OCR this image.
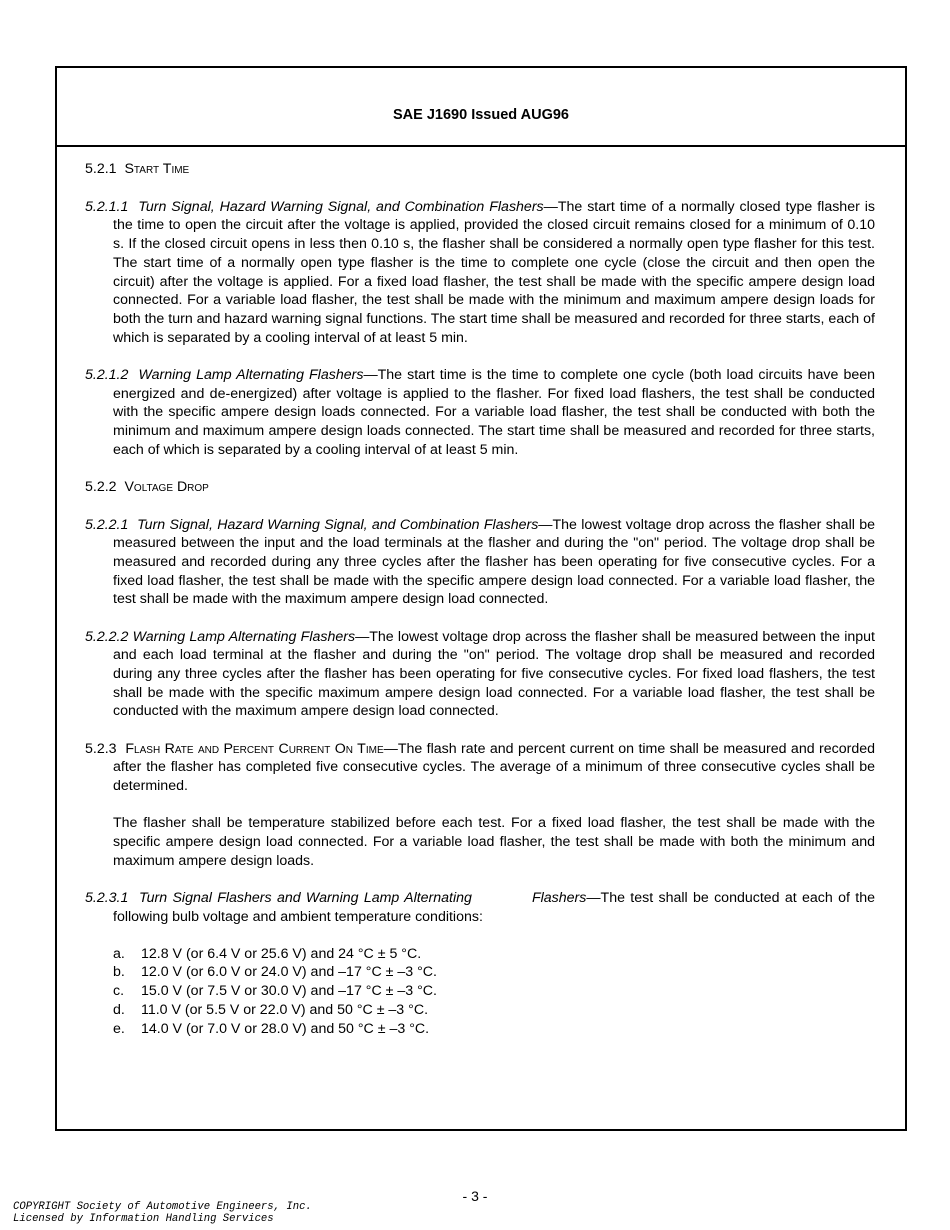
SAE J1690 Issued AUG96

5.2.1 Start Time

5.2.1.1 Turn Signal, Hazard Warning Signal, and Combination Flashers—The start time of a normally closed type flasher is the time to open the circuit after the voltage is applied, provided the closed circuit remains closed for a minimum of 0.10 s. If the closed circuit opens in less then 0.10 s, the flasher shall be considered a normally open type flasher for this test. The start time of a normally open type flasher is the time to complete one cycle (close the circuit and then open the circuit) after the voltage is applied. For a fixed load flasher, the test shall be made with the specific ampere design load connected. For a variable load flasher, the test shall be made with the minimum and maximum ampere design loads for both the turn and hazard warning signal functions. The start time shall be measured and recorded for three starts, each of which is separated by a cooling interval of at least 5 min.

5.2.1.2 Warning Lamp Alternating Flashers—The start time is the time to complete one cycle (both load circuits have been energized and de-energized) after voltage is applied to the flasher. For fixed load flashers, the test shall be conducted with the specific ampere design loads connected. For a variable load flasher, the test shall be conducted with both the minimum and maximum ampere design loads connected. The start time shall be measured and recorded for three starts, each of which is separated by a cooling interval of at least 5 min.

5.2.2 Voltage Drop

5.2.2.1 Turn Signal, Hazard Warning Signal, and Combination Flashers—The lowest voltage drop across the flasher shall be measured between the input and the load terminals at the flasher and during the "on" period. The voltage drop shall be measured and recorded during any three cycles after the flasher has been operating for five consecutive cycles. For a fixed load flasher, the test shall be made with the specific ampere design load connected. For a variable load flasher, the test shall be made with the maximum ampere design load connected.

5.2.2.2 Warning Lamp Alternating Flashers—The lowest voltage drop across the flasher shall be measured between the input and each load terminal at the flasher and during the "on" period. The voltage drop shall be measured and recorded during any three cycles after the flasher has been operating for five consecutive cycles. For fixed load flashers, the test shall be made with the specific maximum ampere design load connected. For a variable load flasher, the test shall be conducted with the maximum ampere design load connected.

5.2.3 Flash Rate and Percent Current On Time—The flash rate and percent current on time shall be measured and recorded after the flasher has completed five consecutive cycles. The average of a minimum of three consecutive cycles shall be determined.

The flasher shall be temperature stabilized before each test. For a fixed load flasher, the test shall be made with the specific ampere design load connected. For a variable load flasher, the test shall be made with both the minimum and maximum ampere design loads.

5.2.3.1 Turn Signal Flashers and Warning Lamp Alternating	Flashers—The test shall be conducted at each of the following bulb voltage and ambient temperature conditions:

a.	12.8 V (or 6.4 V or 25.6 V) and 24 °C ± 5 °C.
b.	12.0 V (or 6.0 V or 24.0 V) and –17 °C ± –3 °C.
c.	15.0 V (or 7.5 V or 30.0 V) and –17 °C ± –3 °C.
d.	11.0 V (or 5.5 V or 22.0 V) and 50 °C ± –3 °C.
e.	14.0 V (or 7.0 V or 28.0 V) and 50 °C ± –3 °C.
- 3 -
COPYRIGHT Society of Automotive Engineers, Inc.
Licensed by Information Handling Services
